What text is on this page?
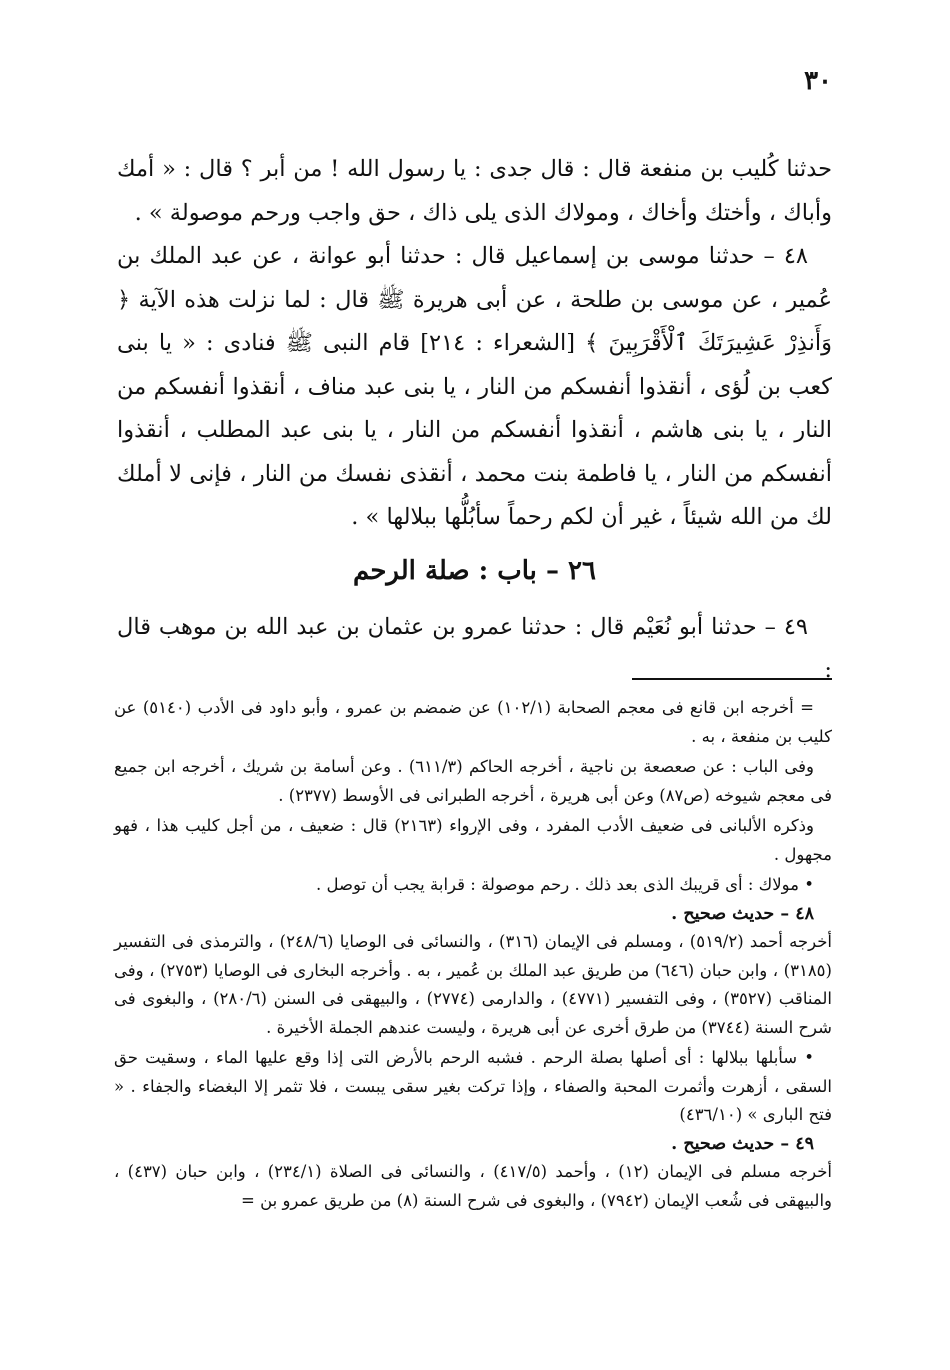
٣٠

حدثنا كُليب بن منفعة قال : قال جدى : يا رسول الله ! من أبر ؟ قال : « أمك وأباك ، وأختك وأخاك ، ومولاك الذى يلى ذاك ، حق واجب ورحم موصولة » .

٤٨ – حدثنا موسى بن إسماعيل قال : حدثنا أبو عوانة ، عن عبد الملك بن عُمير ، عن موسى بن طلحة ، عن أبى هريرة ﷺ قال : لما نزلت هذه الآية ﴿ وَأَنذِرْ عَشِيرَتَكَ ٱلْأَقْرَبِينَ ﴾ [الشعراء : ٢١٤] قام النبى ﷺ فنادى : « يا بنى كعب بن لُؤى ، أنقذوا أنفسكم من النار ، يا بنى عبد مناف ، أنقذوا أنفسكم من النار ، يا بنى هاشم ، أنقذوا أنفسكم من النار ، يا بنى عبد المطلب ، أنقذوا أنفسكم من النار ، يا فاطمة بنت محمد ، أنقذى نفسك من النار ، فإنى لا أملك لك من الله شيئاً ، غير أن لكم رحماً سأبُلُّها ببلالها » .

٢٦ – باب : صلة الرحم

٤٩ – حدثنا أبو نُعَيْم قال : حدثنا عمرو بن عثمان بن عبد الله بن موهب قال :

= أخرجه ابن قانع فى معجم الصحابة (١٠٢/١) عن ضمضم بن عمرو ، وأبو داود فى الأدب (٥١٤٠) عن كليب بن منفعة ، به .

وفى الباب : عن صعصعة بن ناجية ، أخرجه الحاكم (٦١١/٣) . وعن أسامة بن شريك ، أخرجه ابن جميع فى معجم شيوخه (ص٨٧) وعن أبى هريرة ، أخرجه الطبرانى فى الأوسط (٢٣٧٧) .

وذكره الألبانى فى ضعيف الأدب المفرد ، وفى الإرواء (٢١٦٣) قال : ضعيف ، من أجل كليب هذا ، فهو مجهول .

• مولاك : أى قريبك الذى بعد ذلك . رحم موصولة : قرابة يجب أن توصل .

٤٨ – حديث صحيح .

أخرجه أحمد (٥١٩/٢) ، ومسلم فى الإيمان (٣١٦) ، والنسائى فى الوصايا (٢٤٨/٦) ، والترمذى فى التفسير (٣١٨٥) ، وابن حبان (٦٤٦) من طريق عبد الملك بن عُمير ، به . وأخرجه البخارى فى الوصايا (٢٧٥٣) ، وفى المناقب (٣٥٢٧) ، وفى التفسير (٤٧٧١) ، والدارمى (٢٧٧٤) ، والبيهقى فى السنن (٢٨٠/٦) ، والبغوى فى شرح السنة (٣٧٤٤) من طرق أخرى عن أبى هريرة ، وليست عندهم الجملة الأخيرة .

• سأبلها ببلالها : أى أصلها بصلة الرحم . فشبه الرحم بالأرض التى إذا وقع عليها الماء ، وسقيت حق السقى ، أزهرت وأثمرت المحبة والصفاء ، وإذا تركت بغير سقى يبست ، فلا تثمر إلا البغضاء والجفاء . « فتح البارى » (٤٣٦/١٠)

٤٩ – حديث صحيح .

أخرجه مسلم فى الإيمان (١٢) ، وأحمد (٤١٧/٥) ، والنسائى فى الصلاة (٢٣٤/١) ، وابن حبان (٤٣٧) ، والبيهقى فى شُعب الإيمان (٧٩٤٢) ، والبغوى فى شرح السنة (٨) من طريق عمرو بن =
